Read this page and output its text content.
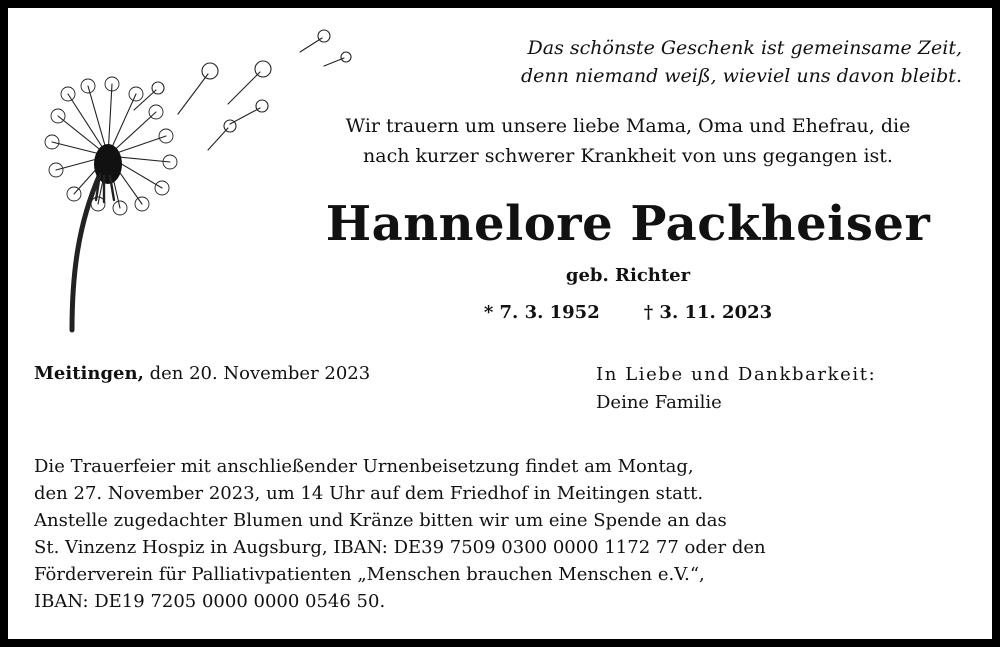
Das schönste Geschenk ist gemeinsame Zeit,
denn niemand weiß, wieviel uns davon bleibt.
Wir trauern um unsere liebe Mama, Oma und Ehefrau, die
nach kurzer schwerer Krankheit von uns gegangen ist.
Hannelore Packheiser
geb. Richter
* 7. 3. 1952 † 3. 11. 2023
Meitingen, den 20. November 2023	In Liebe und Dankbarkeit:
Deine Familie
Die Trauerfeier mit anschließender Urnenbeisetzung findet am Montag,
den 27. November 2023, um 14 Uhr auf dem Friedhof in Meitingen statt.
Anstelle zugedachter Blumen und Kränze bitten wir um eine Spende an das
St. Vinzenz Hospiz in Augsburg, IBAN: DE39 7509 0300 0000 1172 77 oder den
Förderverein für Palliativpatienten „Menschen brauchen Menschen e.V.“,
IBAN: DE19 7205 0000 0000 0546 50.
